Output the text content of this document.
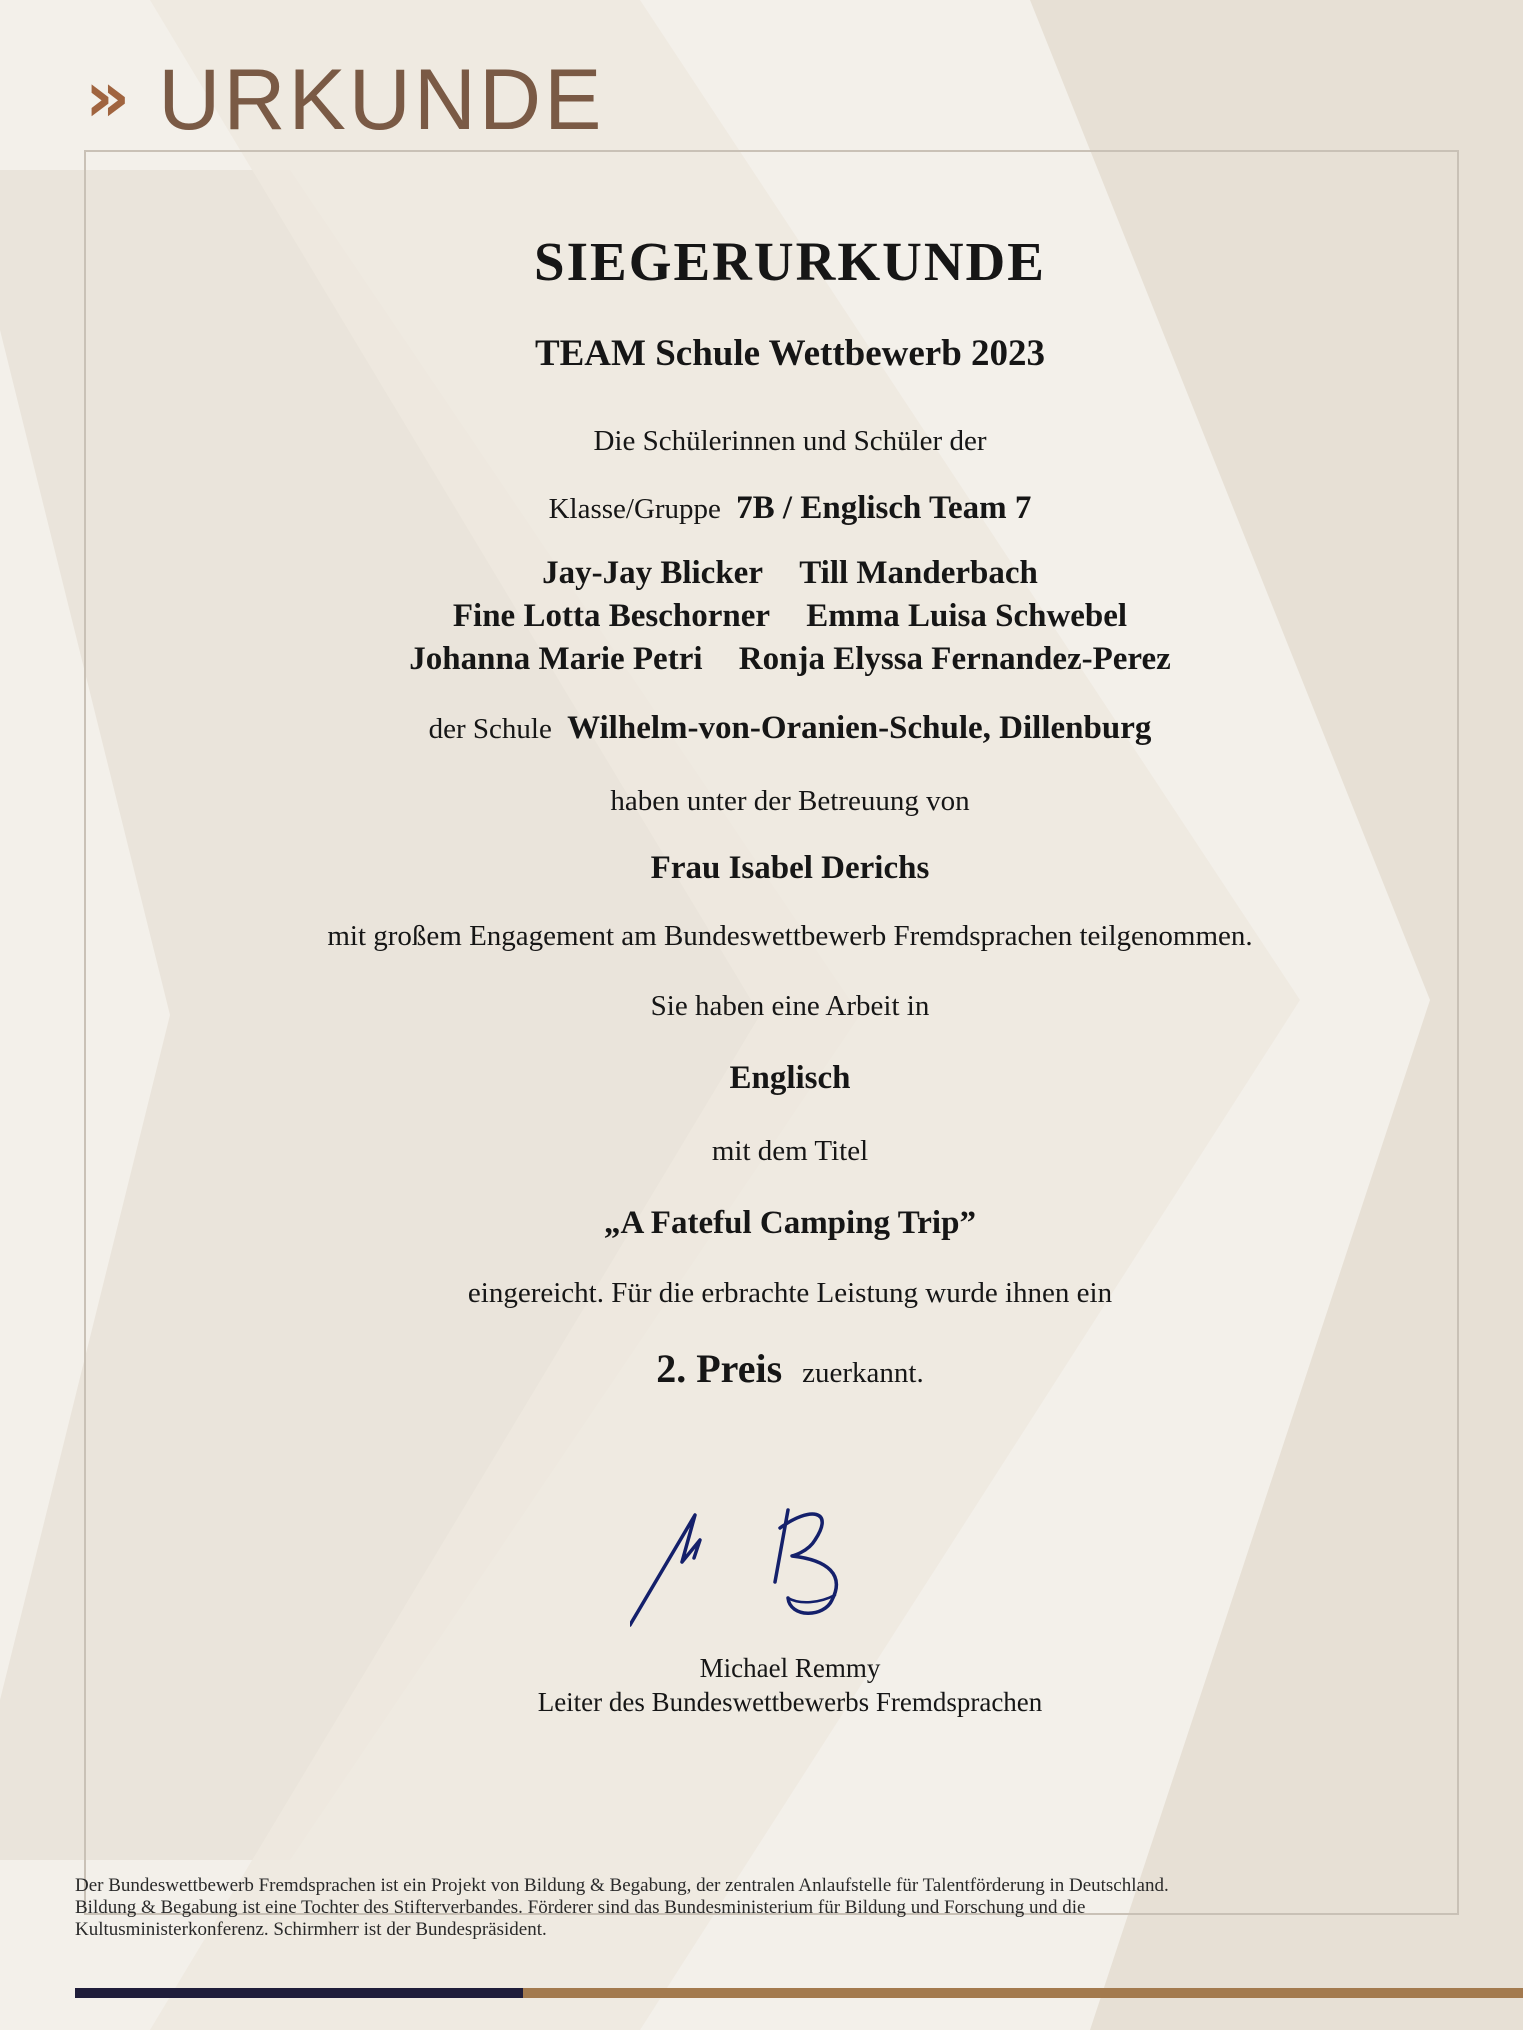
» URKUNDE
SIEGERURKUNDE
TEAM Schule Wettbewerb 2023
Die Schülerinnen und Schüler der
Klasse/Gruppe 7B / Englisch Team 7
Jay-Jay Blicker Till Manderbach
Fine Lotta Beschorner Emma Luisa Schwebel
Johanna Marie Petri Ronja Elyssa Fernandez-Perez
der Schule Wilhelm-von-Oranien-Schule, Dillenburg
haben unter der Betreuung von
Frau Isabel Derichs
mit großem Engagement am Bundeswettbewerb Fremdsprachen teilgenommen.
Sie haben eine Arbeit in
Englisch
mit dem Titel
„A Fateful Camping Trip”
eingereicht. Für die erbrachte Leistung wurde ihnen ein
2. Preis zuerkannt.
Michael Remmy
Leiter des Bundeswettbewerbs Fremdsprachen
Der Bundeswettbewerb Fremdsprachen ist ein Projekt von Bildung & Begabung, der zentralen Anlaufstelle für Talentförderung in Deutschland.
Bildung & Begabung ist eine Tochter des Stifterverbandes. Förderer sind das Bundesministerium für Bildung und Forschung und die
Kultusministerkonferenz. Schirmherr ist der Bundespräsident.
